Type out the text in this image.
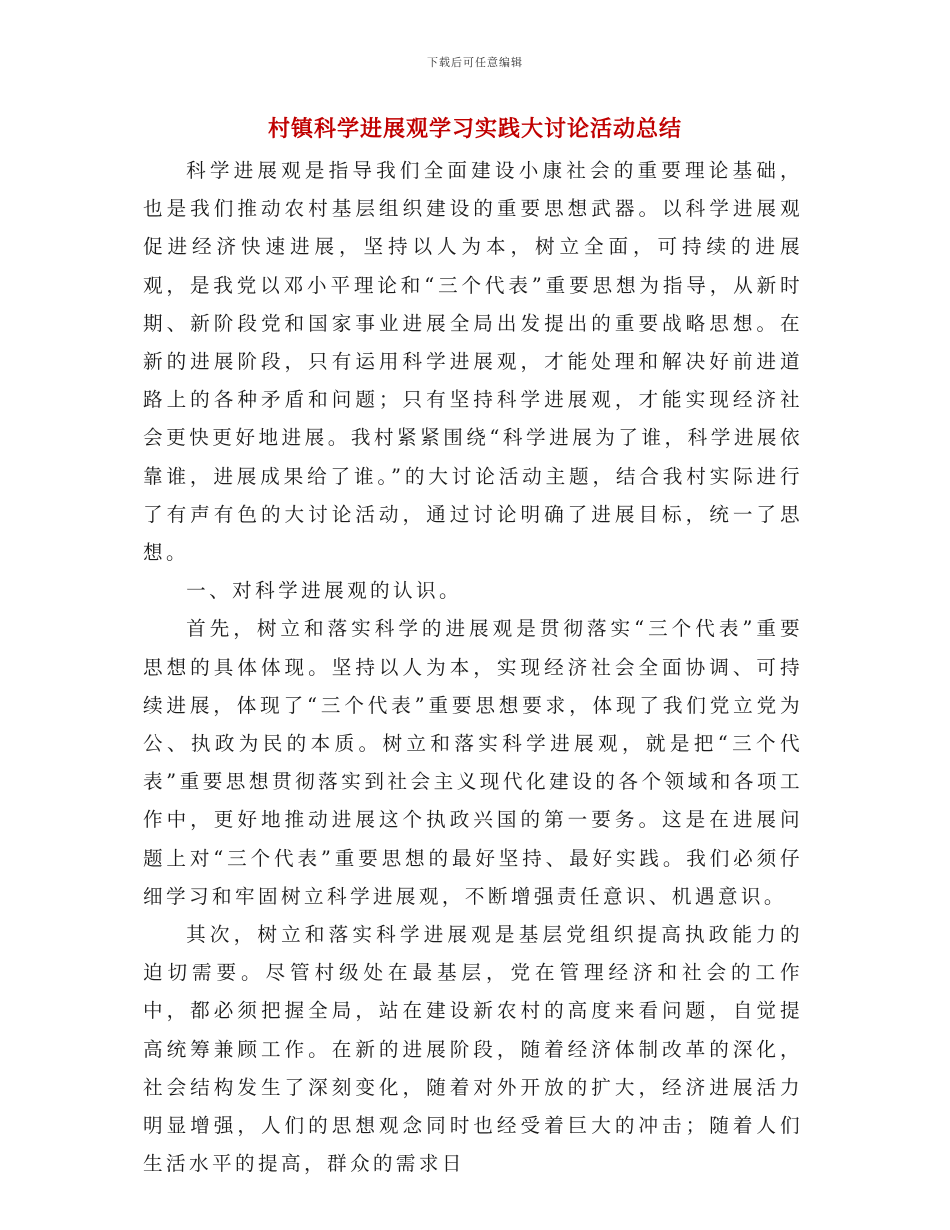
下载后可任意编辑
村镇科学进展观学习实践大讨论活动总结

科学进展观是指导我们全面建设小康社会的重要理论基础，也是我们推动农村基层组织建设的重要思想武器。以科学进展观促进经济快速进展，坚持以人为本，树立全面，可持续的进展观，是我党以邓小平理论和“三个代表”重要思想为指导，从新时期、新阶段党和国家事业进展全局出发提出的重要战略思想。在新的进展阶段，只有运用科学进展观，才能处理和解决好前进道路上的各种矛盾和问题；只有坚持科学进展观，才能实现经济社会更快更好地进展。我村紧紧围绕“科学进展为了谁，科学进展依靠谁，进展成果给了谁。”的大讨论活动主题，结合我村实际进行了有声有色的大讨论活动，通过讨论明确了进展目标，统一了思想。

一、对科学进展观的认识。

首先，树立和落实科学的进展观是贯彻落实“三个代表”重要思想的具体体现。坚持以人为本，实现经济社会全面协调、可持续进展，体现了“三个代表”重要思想要求，体现了我们党立党为公、执政为民的本质。树立和落实科学进展观，就是把“三个代表”重要思想贯彻落实到社会主义现代化建设的各个领域和各项工作中，更好地推动进展这个执政兴国的第一要务。这是在进展问题上对“三个代表”重要思想的最好坚持、最好实践。我们必须仔细学习和牢固树立科学进展观，不断增强责任意识、机遇意识。

其次，树立和落实科学进展观是基层党组织提高执政能力的迫切需要。尽管村级处在最基层，党在管理经济和社会的工作中，都必须把握全局，站在建设新农村的高度来看问题，自觉提高统筹兼顾工作。在新的进展阶段，随着经济体制改革的深化，社会结构发生了深刻变化，随着对外开放的扩大，经济进展活力明显增强，人们的思想观念同时也经受着巨大的冲击；随着人们生活水平的提高，群众的需求日
